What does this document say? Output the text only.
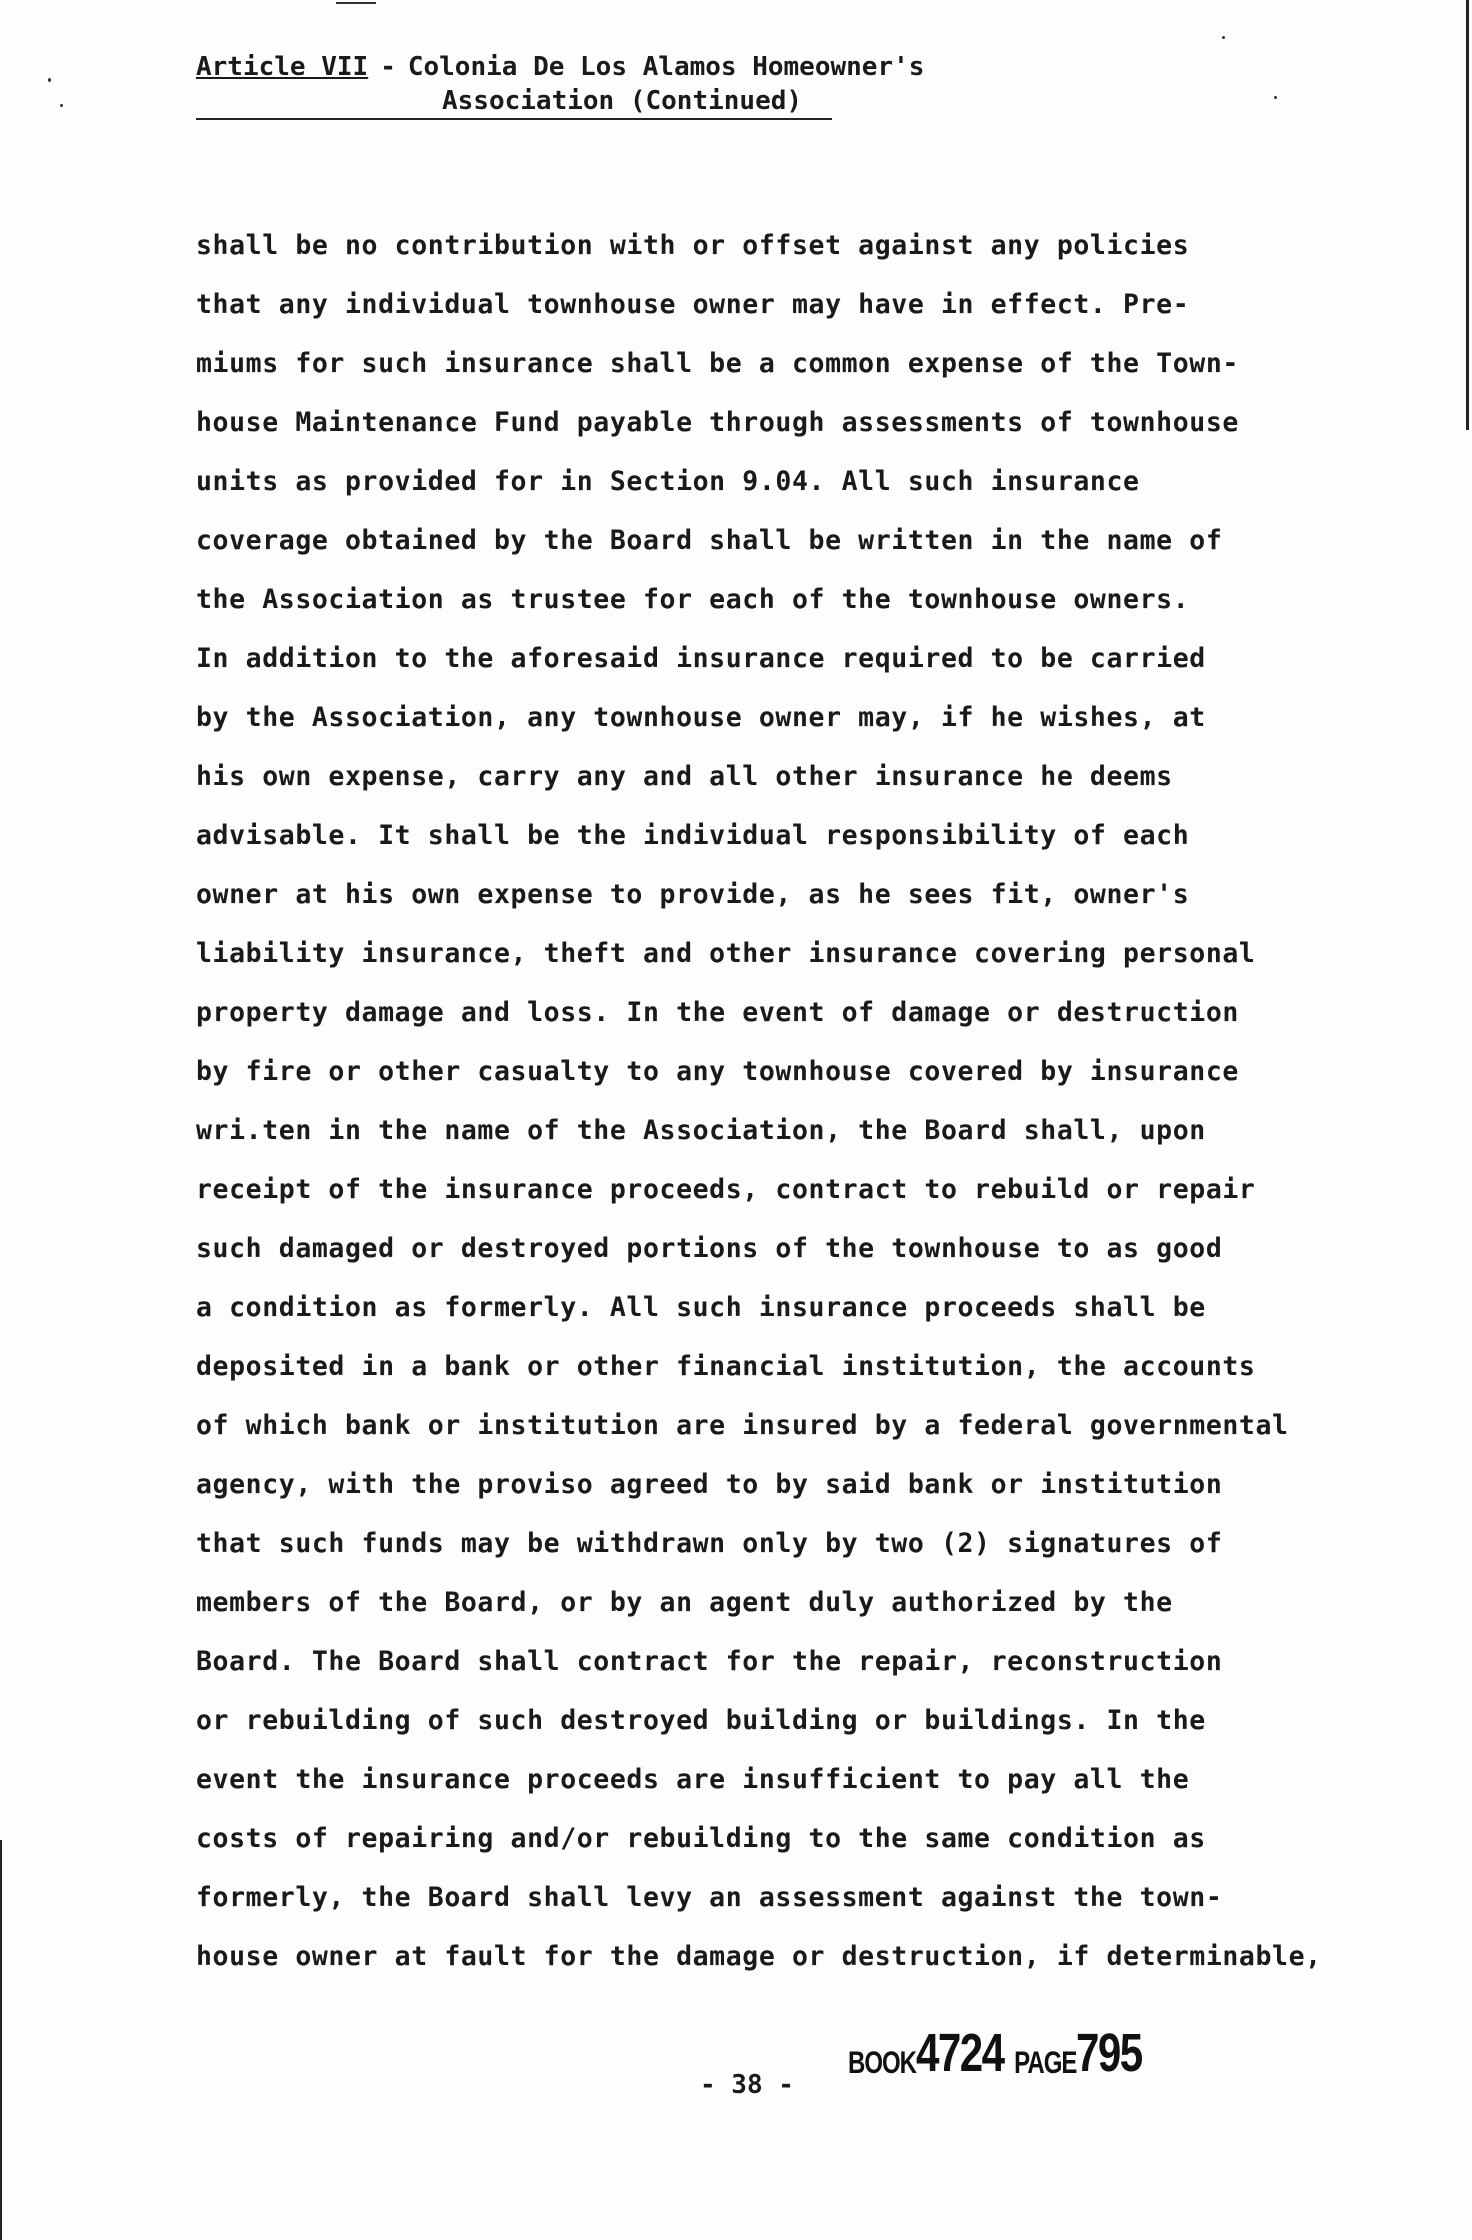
Article VII - Colonia De Los Alamos Homeowner's
Association (Continued)
shall be no contribution with or offset against any policies
that any individual townhouse owner may have in effect. Pre-
miums for such insurance shall be a common expense of the Town-
house Maintenance Fund payable through assessments of townhouse
units as provided for in Section 9.04. All such insurance
coverage obtained by the Board shall be written in the name of
the Association as trustee for each of the townhouse owners.
In addition to the aforesaid insurance required to be carried
by the Association, any townhouse owner may, if he wishes, at
his own expense, carry any and all other insurance he deems
advisable. It shall be the individual responsibility of each
owner at his own expense to provide, as he sees fit, owner's
liability insurance, theft and other insurance covering personal
property damage and loss. In the event of damage or destruction
by fire or other casualty to any townhouse covered by insurance
wri.ten in the name of the Association, the Board shall, upon
receipt of the insurance proceeds, contract to rebuild or repair
such damaged or destroyed portions of the townhouse to as good
a condition as formerly. All such insurance proceeds shall be
deposited in a bank or other financial institution, the accounts
of which bank or institution are insured by a federal governmental
agency, with the proviso agreed to by said bank or institution
that such funds may be withdrawn only by two (2) signatures of
members of the Board, or by an agent duly authorized by the
Board. The Board shall contract for the repair, reconstruction
or rebuilding of such destroyed building or buildings. In the
event the insurance proceeds are insufficient to pay all the
costs of repairing and/or rebuilding to the same condition as
formerly, the Board shall levy an assessment against the town-
house owner at fault for the damage or destruction, if determinable,
- 38 -
BOOK4724 PAGE795
